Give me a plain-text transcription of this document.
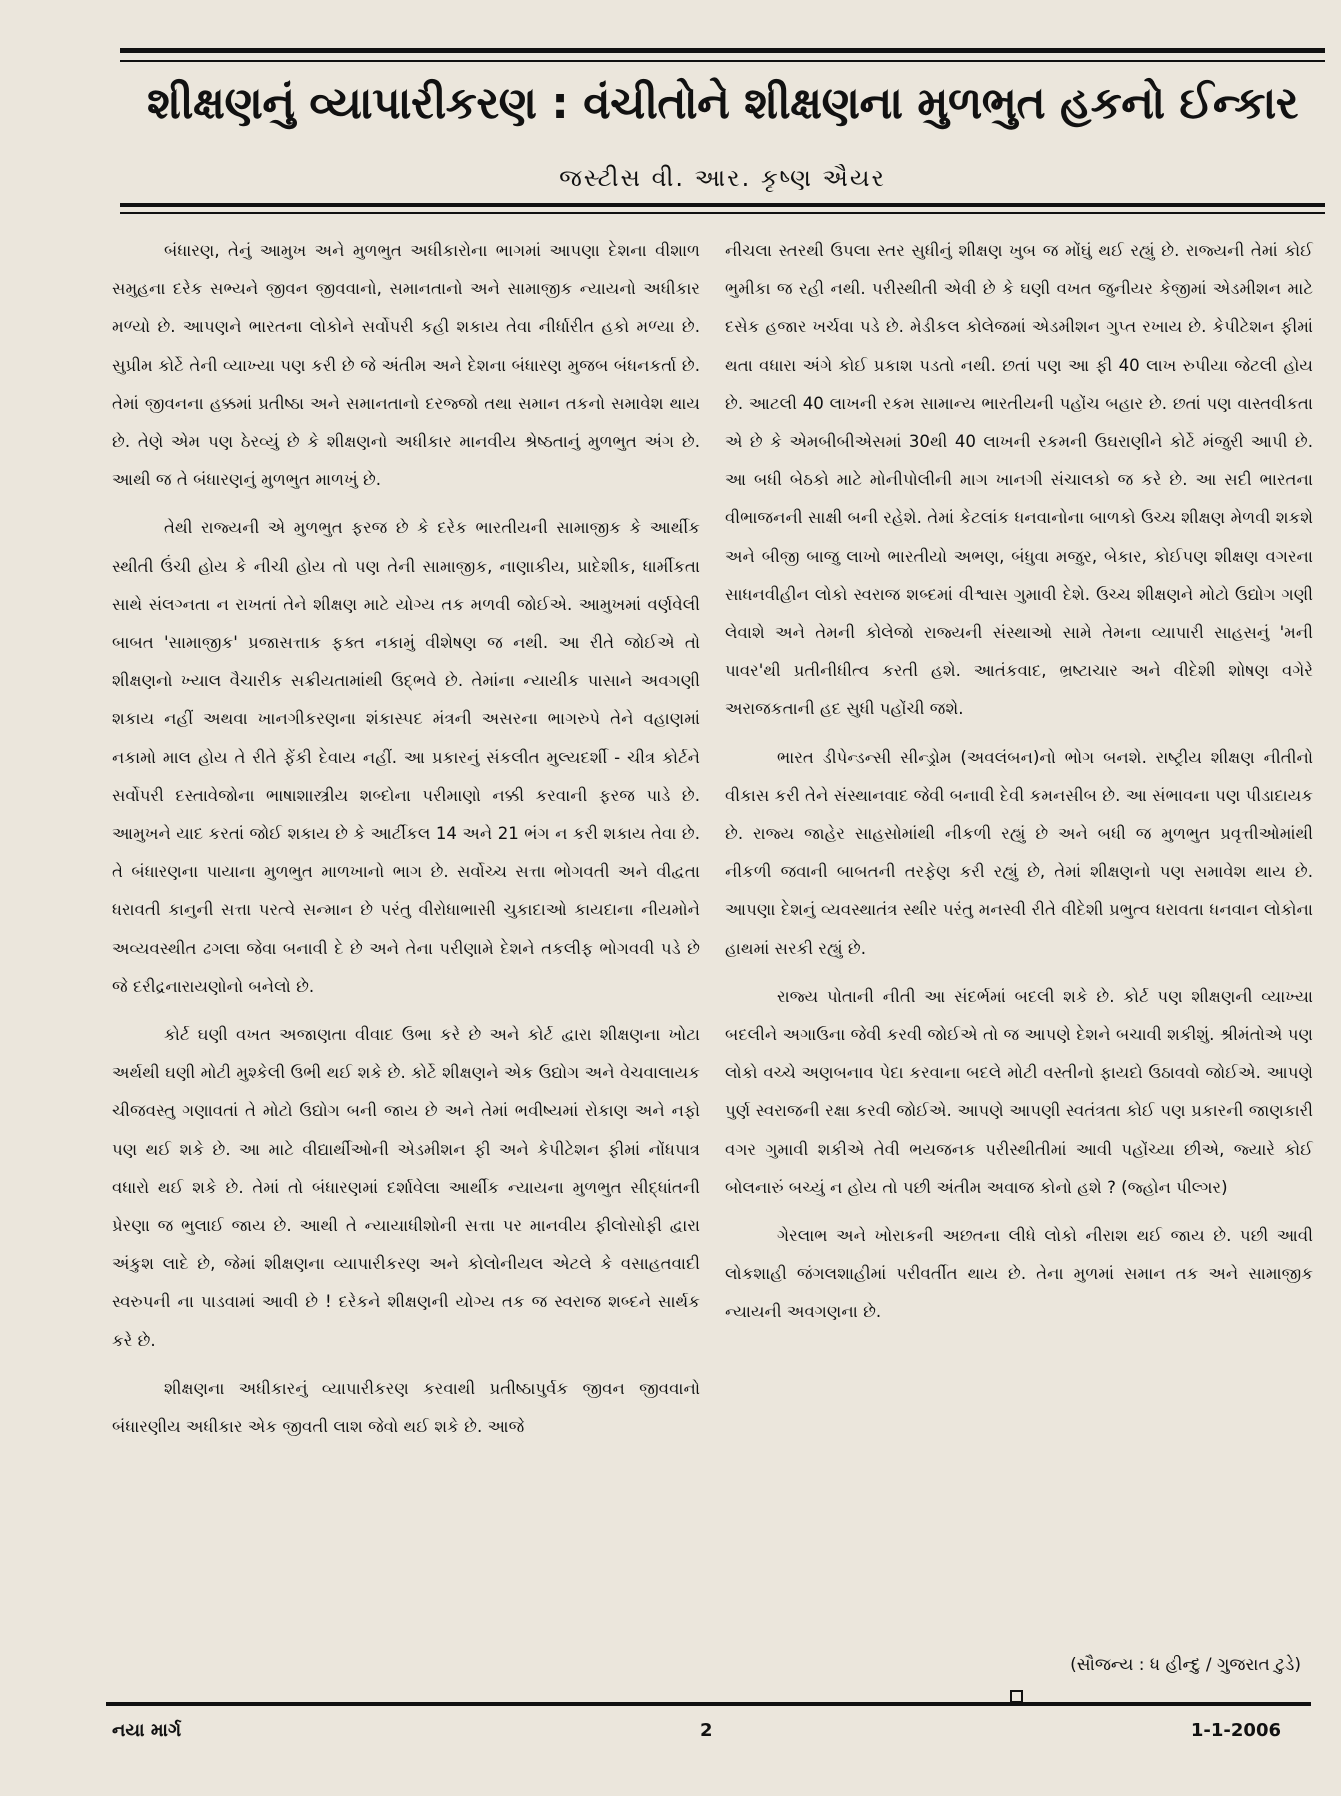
શીક્ષણનું વ્યાપારીકરણ : વંચીતોને શીક્ષણના મુળભુત હકનો ઈન્કાર
જસ્ટીસ વી. આર. કૃષ્ણ ઐયર

બંધારણ, તેનું આમુખ અને મુળભુત અધીકારોના ભાગમાં આપણા દેશના વીશાળ સમુહના દરેક સભ્યને જીવન જીવવાનો, સમાનતાનો અને સામાજીક ન્યાયનો અધીકાર મળ્યો છે. આપણને ભારતના લોકોને સર્વોપરી કહી શકાય તેવા નીર્ધારીત હકો મળ્યા છે. સુપ્રીમ કોર્ટે તેની વ્યાખ્યા પણ કરી છે જે અંતીમ અને દેશના બંધારણ મુજબ બંધનકર્તા છે. તેમાં જીવનના હક્કમાં પ્રતીષ્ઠા અને સમાનતાનો દરજ્જો તથા સમાન તકનો સમાવેશ થાય છે. તેણે એમ પણ ઠેરવ્યું છે કે શીક્ષણનો અધીકાર માનવીય શ્રેષ્ઠતાનું મુળભુત અંગ છે. આથી જ તે બંધારણનું મુળભુત માળખું છે.

તેથી રાજ્યની એ મુળભુત ફરજ છે કે દરેક ભારતીયની સામાજીક કે આર્થીક સ્થીતી ઉંચી હોય કે નીચી હોય તો પણ તેની સામાજીક, નાણાકીય, પ્રાદેશીક, ધાર્મીકતા સાથે સંલગ્નતા ન રાખતાં તેને શીક્ષણ માટે યોગ્ય તક મળવી જોઈએ. આમુખમાં વર્ણવેલી બાબત 'સામાજીક' પ્રજાસત્તાક ફક્ત નકામું વીશેષણ જ નથી. આ રીતે જોઈએ તો શીક્ષણનો ખ્યાલ વૈચારીક સક્રીયતામાંથી ઉદ્ભવે છે. તેમાંના ન્યાયીક પાસાને અવગણી શકાય નહીં અથવા ખાનગીકરણના શંકાસ્પદ મંત્રની અસરના ભાગરુપે તેને વહાણમાં નકામો માલ હોય તે રીતે ફેંકી દેવાય નહીં. આ પ્રકારનું સંકલીત મુલ્યદર્શી - ચીત્ર કોર્ટને સર્વોપરી દસ્તાવેજોના ભાષાશાસ્ત્રીય શબ્દોના પરીમાણો નક્કી કરવાની ફરજ પાડે છે. આમુખને યાદ કરતાં જોઈ શકાય છે કે આર્ટીકલ 14 અને 21 ભંગ ન કરી શકાય તેવા છે. તે બંધારણના પાયાના મુળભુત માળખાનો ભાગ છે. સર્વોચ્ચ સત્તા ભોગવતી અને વીદ્વતા ધરાવતી કાનુની સત્તા પરત્વે સન્માન છે પરંતુ વીરોધાભાસી ચુકાદાઓ કાયદાના નીયમોને અવ્યવસ્થીત ઢગલા જેવા બનાવી દે છે અને તેના પરીણામે દેશને તકલીફ ભોગવવી પડે છે જે દરીદ્રનારાયણોનો બનેલો છે.

કોર્ટ ઘણી વખત અજાણતા વીવાદ ઉભા કરે છે અને કોર્ટ દ્વારા શીક્ષણના ખોટા અર્થથી ઘણી મોટી મુશ્કેલી ઉભી થઈ શકે છે. કોર્ટે શીક્ષણને એક ઉદ્યોગ અને વેચવાલાયક ચીજવસ્તુ ગણાવતાં તે મોટો ઉદ્યોગ બની જાય છે અને તેમાં ભવીષ્યમાં રોકાણ અને નફો પણ થઈ શકે છે. આ માટે વીદ્યાર્થીઓની એડમીશન ફી અને કેપીટેશન ફીમાં નોંધપાત્ર વધારો થઈ શકે છે. તેમાં તો બંધારણમાં દર્શાવેલા આર્થીક ન્યાયના મુળભુત સીદ્ધાંતની પ્રેરણા જ ભુલાઈ જાય છે. આથી તે ન્યાયાધીશોની સત્તા પર માનવીય ફીલોસોફી દ્વારા અંકુશ લાદે છે, જેમાં શીક્ષણના વ્યાપારીકરણ અને કોલોનીયલ એટલે કે વસાહતવાદી સ્વરુપની ના પાડવામાં આવી છે ! દરેકને શીક્ષણની યોગ્ય તક જ સ્વરાજ શબ્દને સાર્થક કરે છે.

શીક્ષણના અધીકારનું વ્યાપારીકરણ કરવાથી પ્રતીષ્ઠાપુર્વક જીવન જીવવાનો બંધારણીય અધીકાર એક જીવતી લાશ જેવો થઈ શકે છે. આજે

નીચલા સ્તરથી ઉપલા સ્તર સુધીનું શીક્ષણ ખુબ જ મોંઘું થઈ રહ્યું છે. રાજ્યની તેમાં કોઈ ભુમીકા જ રહી નથી. પરીસ્થીતી એવી છે કે ઘણી વખત જુનીયર કેજીમાં એડમીશન માટે દસેક હજાર ખર્ચવા પડે છે. મેડીકલ કોલેજમાં એડમીશન ગુપ્ત રખાય છે. કેપીટેશન ફીમાં થતા વધારા અંગે કોઈ પ્રકાશ પડતો નથી. છતાં પણ આ ફી 40 લાખ રુપીયા જેટલી હોય છે. આટલી 40 લાખની રકમ સામાન્ય ભારતીયની પહોંચ બહાર છે. છતાં પણ વાસ્તવીકતા એ છે કે એમબીબીએસમાં 30થી 40 લાખની રકમની ઉઘરાણીને કોર્ટે મંજુરી આપી છે. આ બધી બેઠકો માટે મોનીપોલીની માગ ખાનગી સંચાલકો જ કરે છે. આ સદી ભારતના વીભાજનની સાક્ષી બની રહેશે. તેમાં કેટલાંક ધનવાનોના બાળકો ઉચ્ચ શીક્ષણ મેળવી શકશે અને બીજી બાજુ લાખો ભારતીયો અભણ, બંધુવા મજુર, બેકાર, કોઈપણ શીક્ષણ વગરના સાધનવીહીન લોકો સ્વરાજ શબ્દમાં વીશ્વાસ ગુમાવી દેશે. ઉચ્ચ શીક્ષણને મોટો ઉદ્યોગ ગણી લેવાશે અને તેમની કોલેજો રાજ્યની સંસ્થાઓ સામે તેમના વ્યાપારી સાહસનું 'મની પાવર'થી પ્રતીનીધીત્વ કરતી હશે. આતંકવાદ, ભ્રષ્ટાચાર અને વીદેશી શોષણ વગેરે અરાજકતાની હદ સુધી પહોંચી જશે.

ભારત ડીપેન્ડન્સી સીન્ડ્રોમ (અવલંબન)નો ભોગ બનશે. રાષ્ટ્રીય શીક્ષણ નીતીનો વીકાસ કરી તેને સંસ્થાનવાદ જેવી બનાવી દેવી કમનસીબ છે. આ સંભાવના પણ પીડાદાયક છે. રાજ્ય જાહેર સાહસોમાંથી નીકળી રહ્યું છે અને બધી જ મુળભુત પ્રવૃત્તીઓમાંથી નીકળી જવાની બાબતની તરફેણ કરી રહ્યું છે, તેમાં શીક્ષણનો પણ સમાવેશ થાય છે. આપણા દેશનું વ્યવસ્થાતંત્ર સ્થીર પરંતુ મનસ્વી રીતે વીદેશી પ્રભુત્વ ધરાવતા ધનવાન લોકોના હાથમાં સરકી રહ્યું છે.

રાજ્ય પોતાની નીતી આ સંદર્ભમાં બદલી શકે છે. કોર્ટ પણ શીક્ષણની વ્યાખ્યા બદલીને અગાઉના જેવી કરવી જોઈએ તો જ આપણે દેશને બચાવી શકીશું. શ્રીમંતોએ પણ લોકો વચ્ચે અણબનાવ પેદા કરવાના બદલે મોટી વસ્તીનો ફાયદો ઉઠાવવો જોઈએ. આપણે પુર્ણ સ્વરાજની રક્ષા કરવી જોઈએ. આપણે આપણી સ્વતંત્રતા કોઈ પણ પ્રકારની જાણકારી વગર ગુમાવી શકીએ તેવી ભયજનક પરીસ્થીતીમાં આવી પહોંચ્યા છીએ, જ્યારે કોઈ બોલનારું બચ્યું ન હોય તો પછી અંતીમ અવાજ કોનો હશે ? (જ્હોન પીલ્ગર)

ગેરલાભ અને ખોરાકની અછતના લીધે લોકો નીરાશ થઈ જાય છે. પછી આવી લોકશાહી જંગલશાહીમાં પરીવર્તીત થાય છે. તેના મુળમાં સમાન તક અને સામાજીક ન્યાયની અવગણના છે.

(સૌજન્ય : ધ હીન્દુ / ગુજરાત ટુડે)
નયા માર્ગ	2	1-1-2006
